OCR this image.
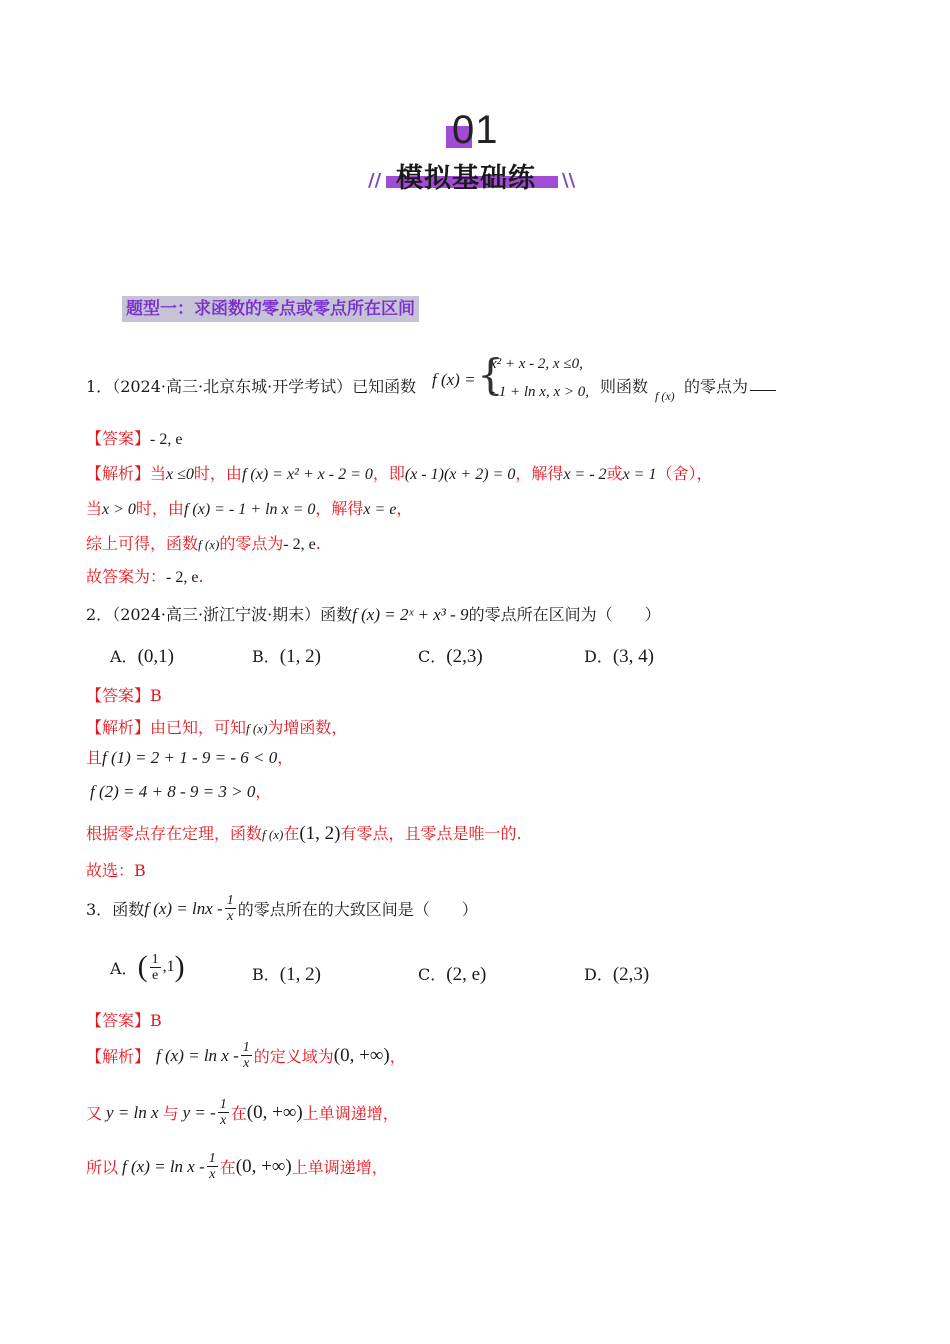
01
//	\\
模拟基础练
题型一：求函数的零点或零点所在区间
1．（2024·高三·北京东城·开学考试）已知函数 f (x) = {
x² + x - 2, x ≤0,
- 1 + ln x, x > 0, 则函数 f (x) 的零点为
【答案】- 2, e
【解析】当x ≤0时，由f (x) = x² + x - 2 = 0，即(x - 1)(x + 2) = 0，解得x = - 2或x = 1（舍），
当x > 0时，由f (x) = - 1 + ln x = 0，解得x = e，
综上可得，函数f (x)的零点为- 2, e.
故答案为：- 2, e.
2．（2024·高三·浙江宁波·期末）函数f (x) = 2ˣ + x³ - 9的零点所在区间为（　　）
A．(0,1)	B．(1, 2)	C．(2,3)	D．(3, 4)
【答案】B
【解析】由已知，可知f (x)为增函数，
且f (1) = 2 + 1 - 9 = - 6 < 0，
f (2) = 4 + 8 - 9 = 3 > 0，
根据零点存在定理，函数f (x)在(1, 2)有零点，且零点是唯一的.
故选：B
3． 函数 f $(x) = \ln x - \frac{1}{x}$ 的零点所在的大致区间是（　　）
A． ( $\frac{1}{e} ,1$ )	B．(1, 2)	C．(2, e)	D．(2,3)
【答案】B
【解析】 f $(x) = \ln x - \frac{1}{x}$ 的定义域为 (0, +∞) ，
又 y = ln x 与 y = - $\frac{1}{x}$ 在 (0, +∞) 上单调递增，
所以 f $(x) = \ln x - \frac{1}{x}$ 在 (0, +∞) 上单调递增，
